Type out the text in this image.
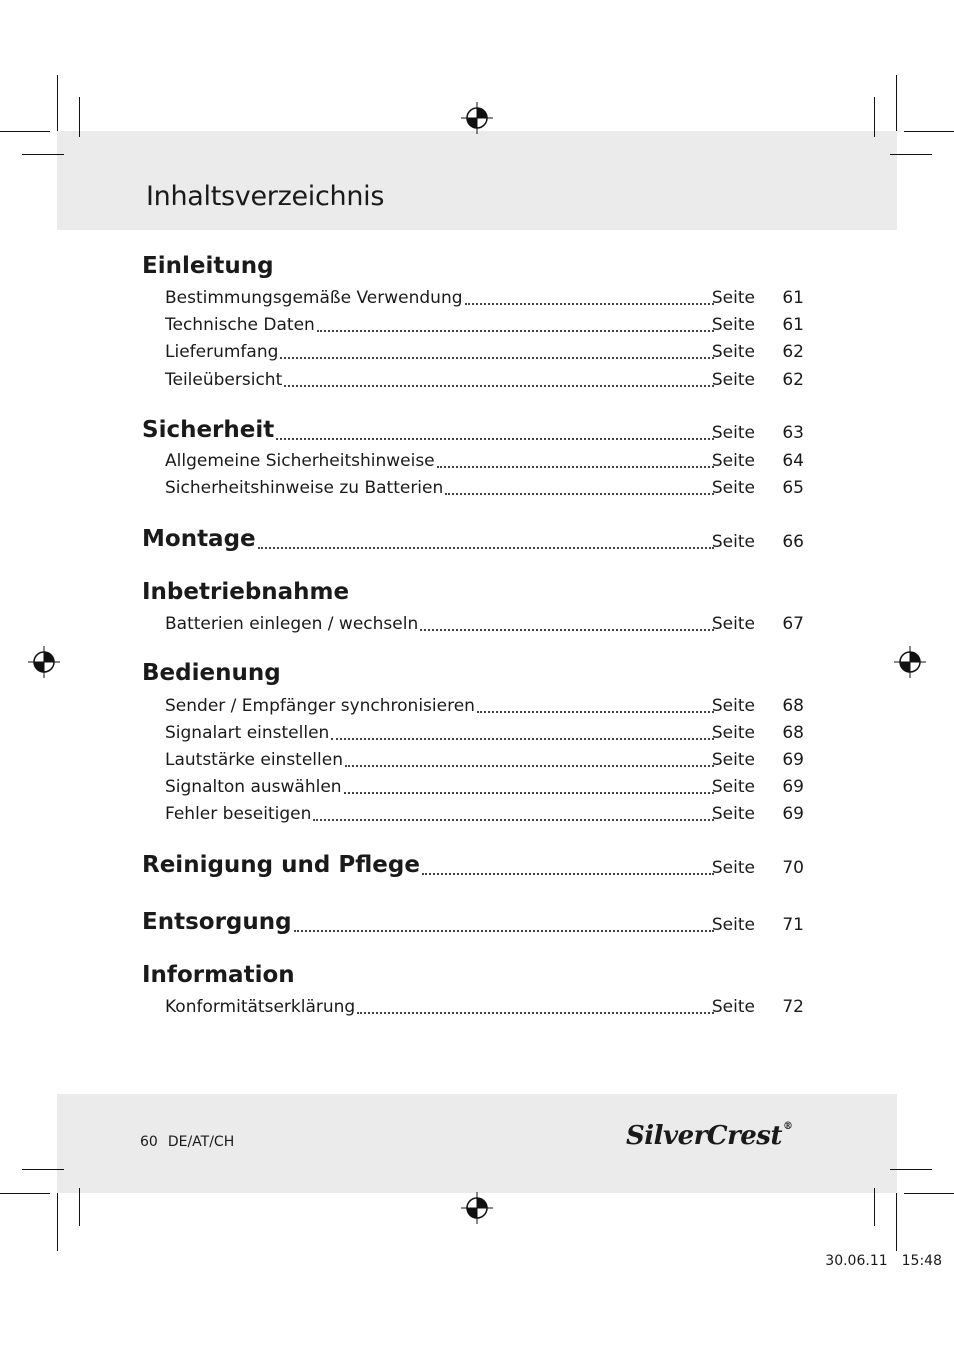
Inhaltsverzeichnis
Einleitung
Bestimmungsgemäße Verwendung	Seite	61
Technische Daten	Seite	61
Lieferumfang	Seite	62
Teileübersicht	Seite	62
Sicherheit	Seite	63
Allgemeine Sicherheitshinweise	Seite	64
Sicherheitshinweise zu Batterien	Seite	65
Montage	Seite	66
Inbetriebnahme
Batterien einlegen / wechseln	Seite	67
Bedienung
Sender / Empfänger synchronisieren	Seite	68
Signalart einstellen	Seite	68
Lautstärke einstellen	Seite	69
Signalton auswählen	Seite	69
Fehler beseitigen	Seite	69
Reinigung und Pflege	Seite	70
Entsorgung	Seite	71
Information
Konformitätserklärung	Seite	72
60 DE/AT/CH	SilverCrest®
30.06.11 15:48
